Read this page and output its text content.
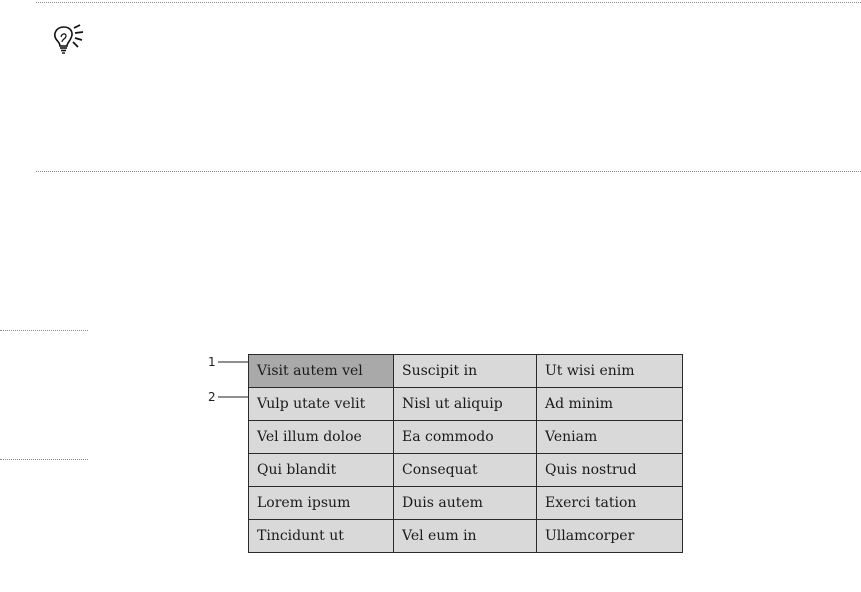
1
2
Visit autem vel	Suscipit in	Ut wisi enim
Vulp utate velit	Nisl ut aliquip	Ad minim
Vel illum doloe	Ea commodo	Veniam
Qui blandit	Consequat	Quis nostrud
Lorem ipsum	Duis autem	Exerci tation
Tincidunt ut	Vel eum in	Ullamcorper
